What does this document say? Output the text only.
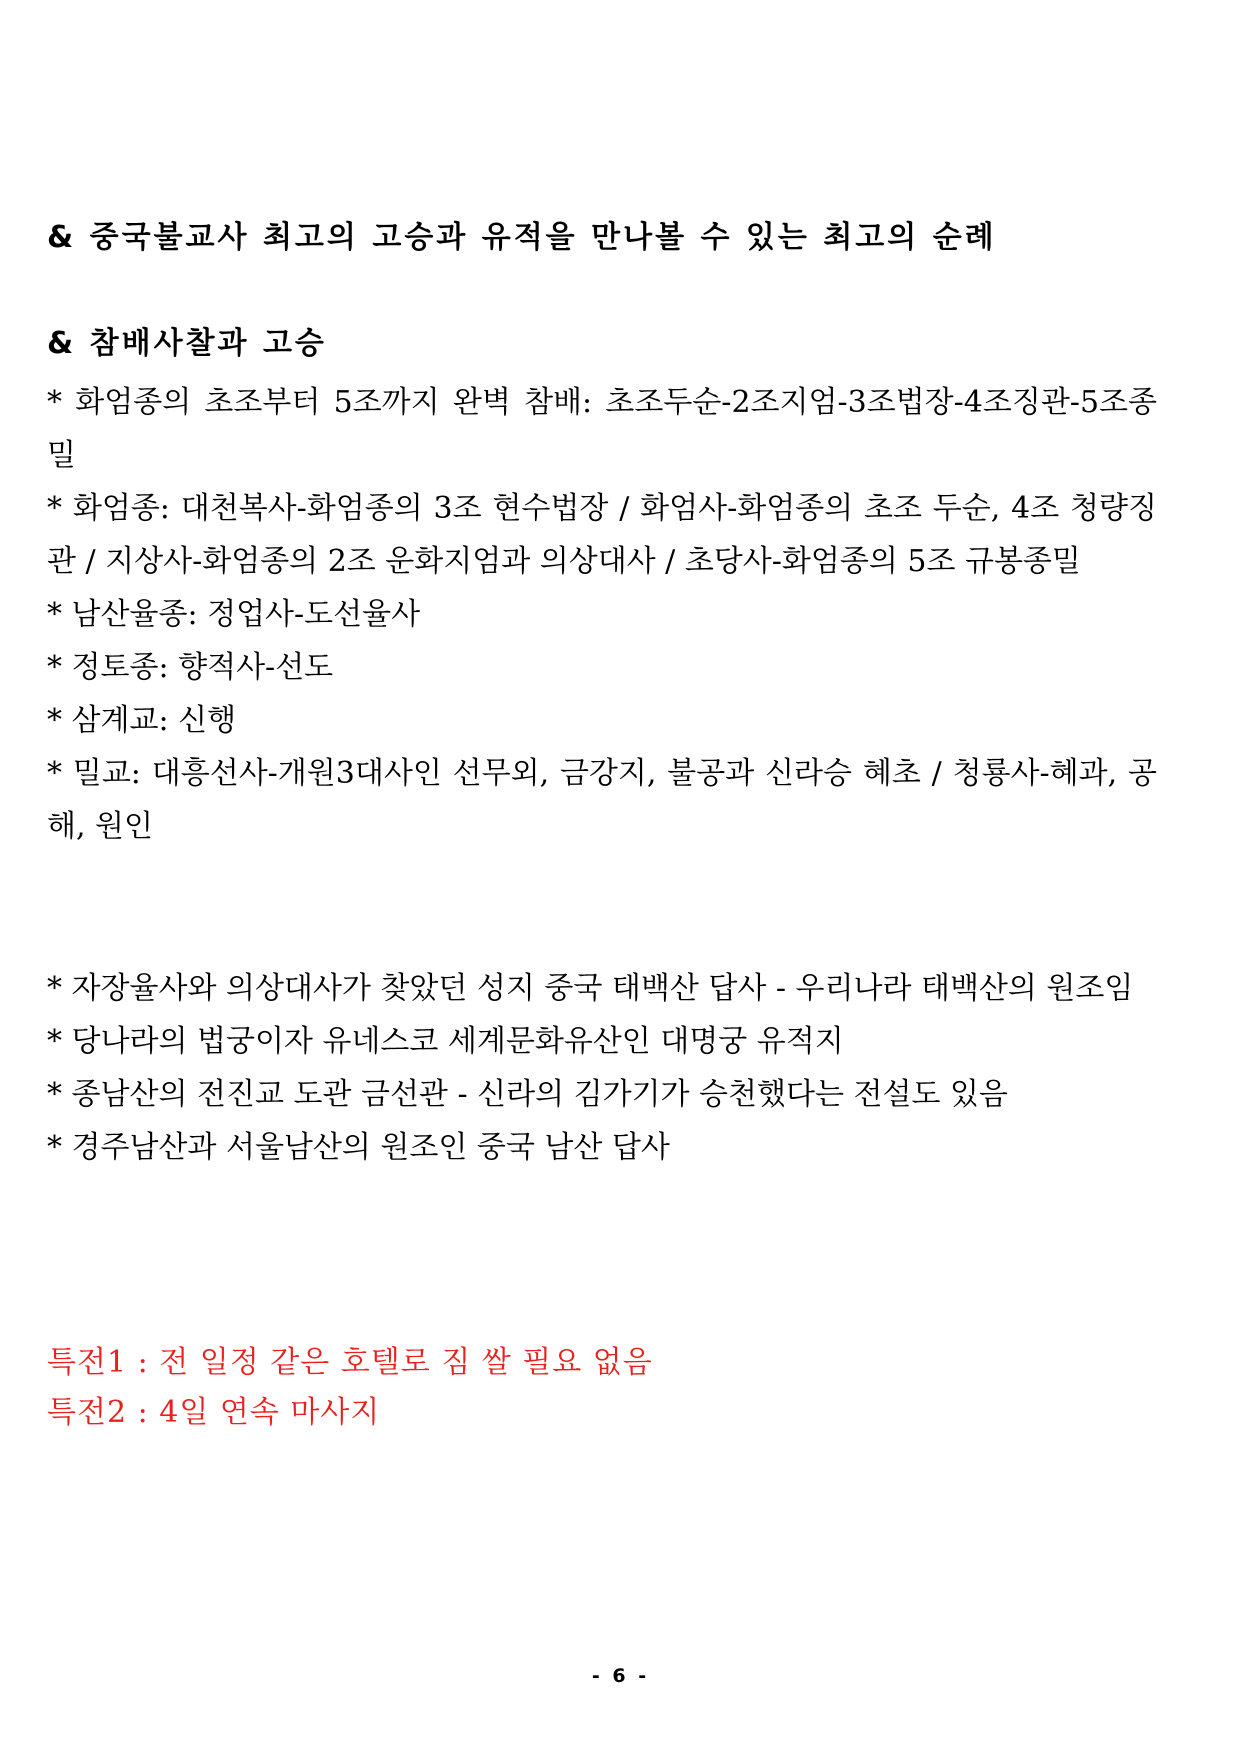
& 중국불교사 최고의 고승과 유적을 만나볼 수 있는 최고의 순례
& 참배사찰과 고승
* 화엄종의 초조부터 5조까지 완벽 참배: 초조두순-2조지엄-3조법장-4조징관-5조종밀
* 화엄종: 대천복사-화엄종의 3조 현수법장 / 화엄사-화엄종의 초조 두순, 4조 청량징관 / 지상사-화엄종의 2조 운화지엄과 의상대사 / 초당사-화엄종의 5조 규봉종밀
* 남산율종: 정업사-도선율사
* 정토종: 향적사-선도
* 삼계교: 신행
* 밀교: 대흥선사-개원3대사인 선무외, 금강지, 불공과 신라승 혜초 / 청룡사-혜과, 공해, 원인
* 자장율사와 의상대사가 찾았던 성지 중국 태백산 답사 - 우리나라 태백산의 원조임
* 당나라의 법궁이자 유네스코 세계문화유산인 대명궁 유적지
* 종남산의 전진교 도관 금선관 - 신라의 김가기가 승천했다는 전설도 있음
* 경주남산과 서울남산의 원조인 중국 남산 답사
특전1 : 전 일정 같은 호텔로 짐 쌀 필요 없음
특전2 : 4일 연속 마사지
- 6 -
